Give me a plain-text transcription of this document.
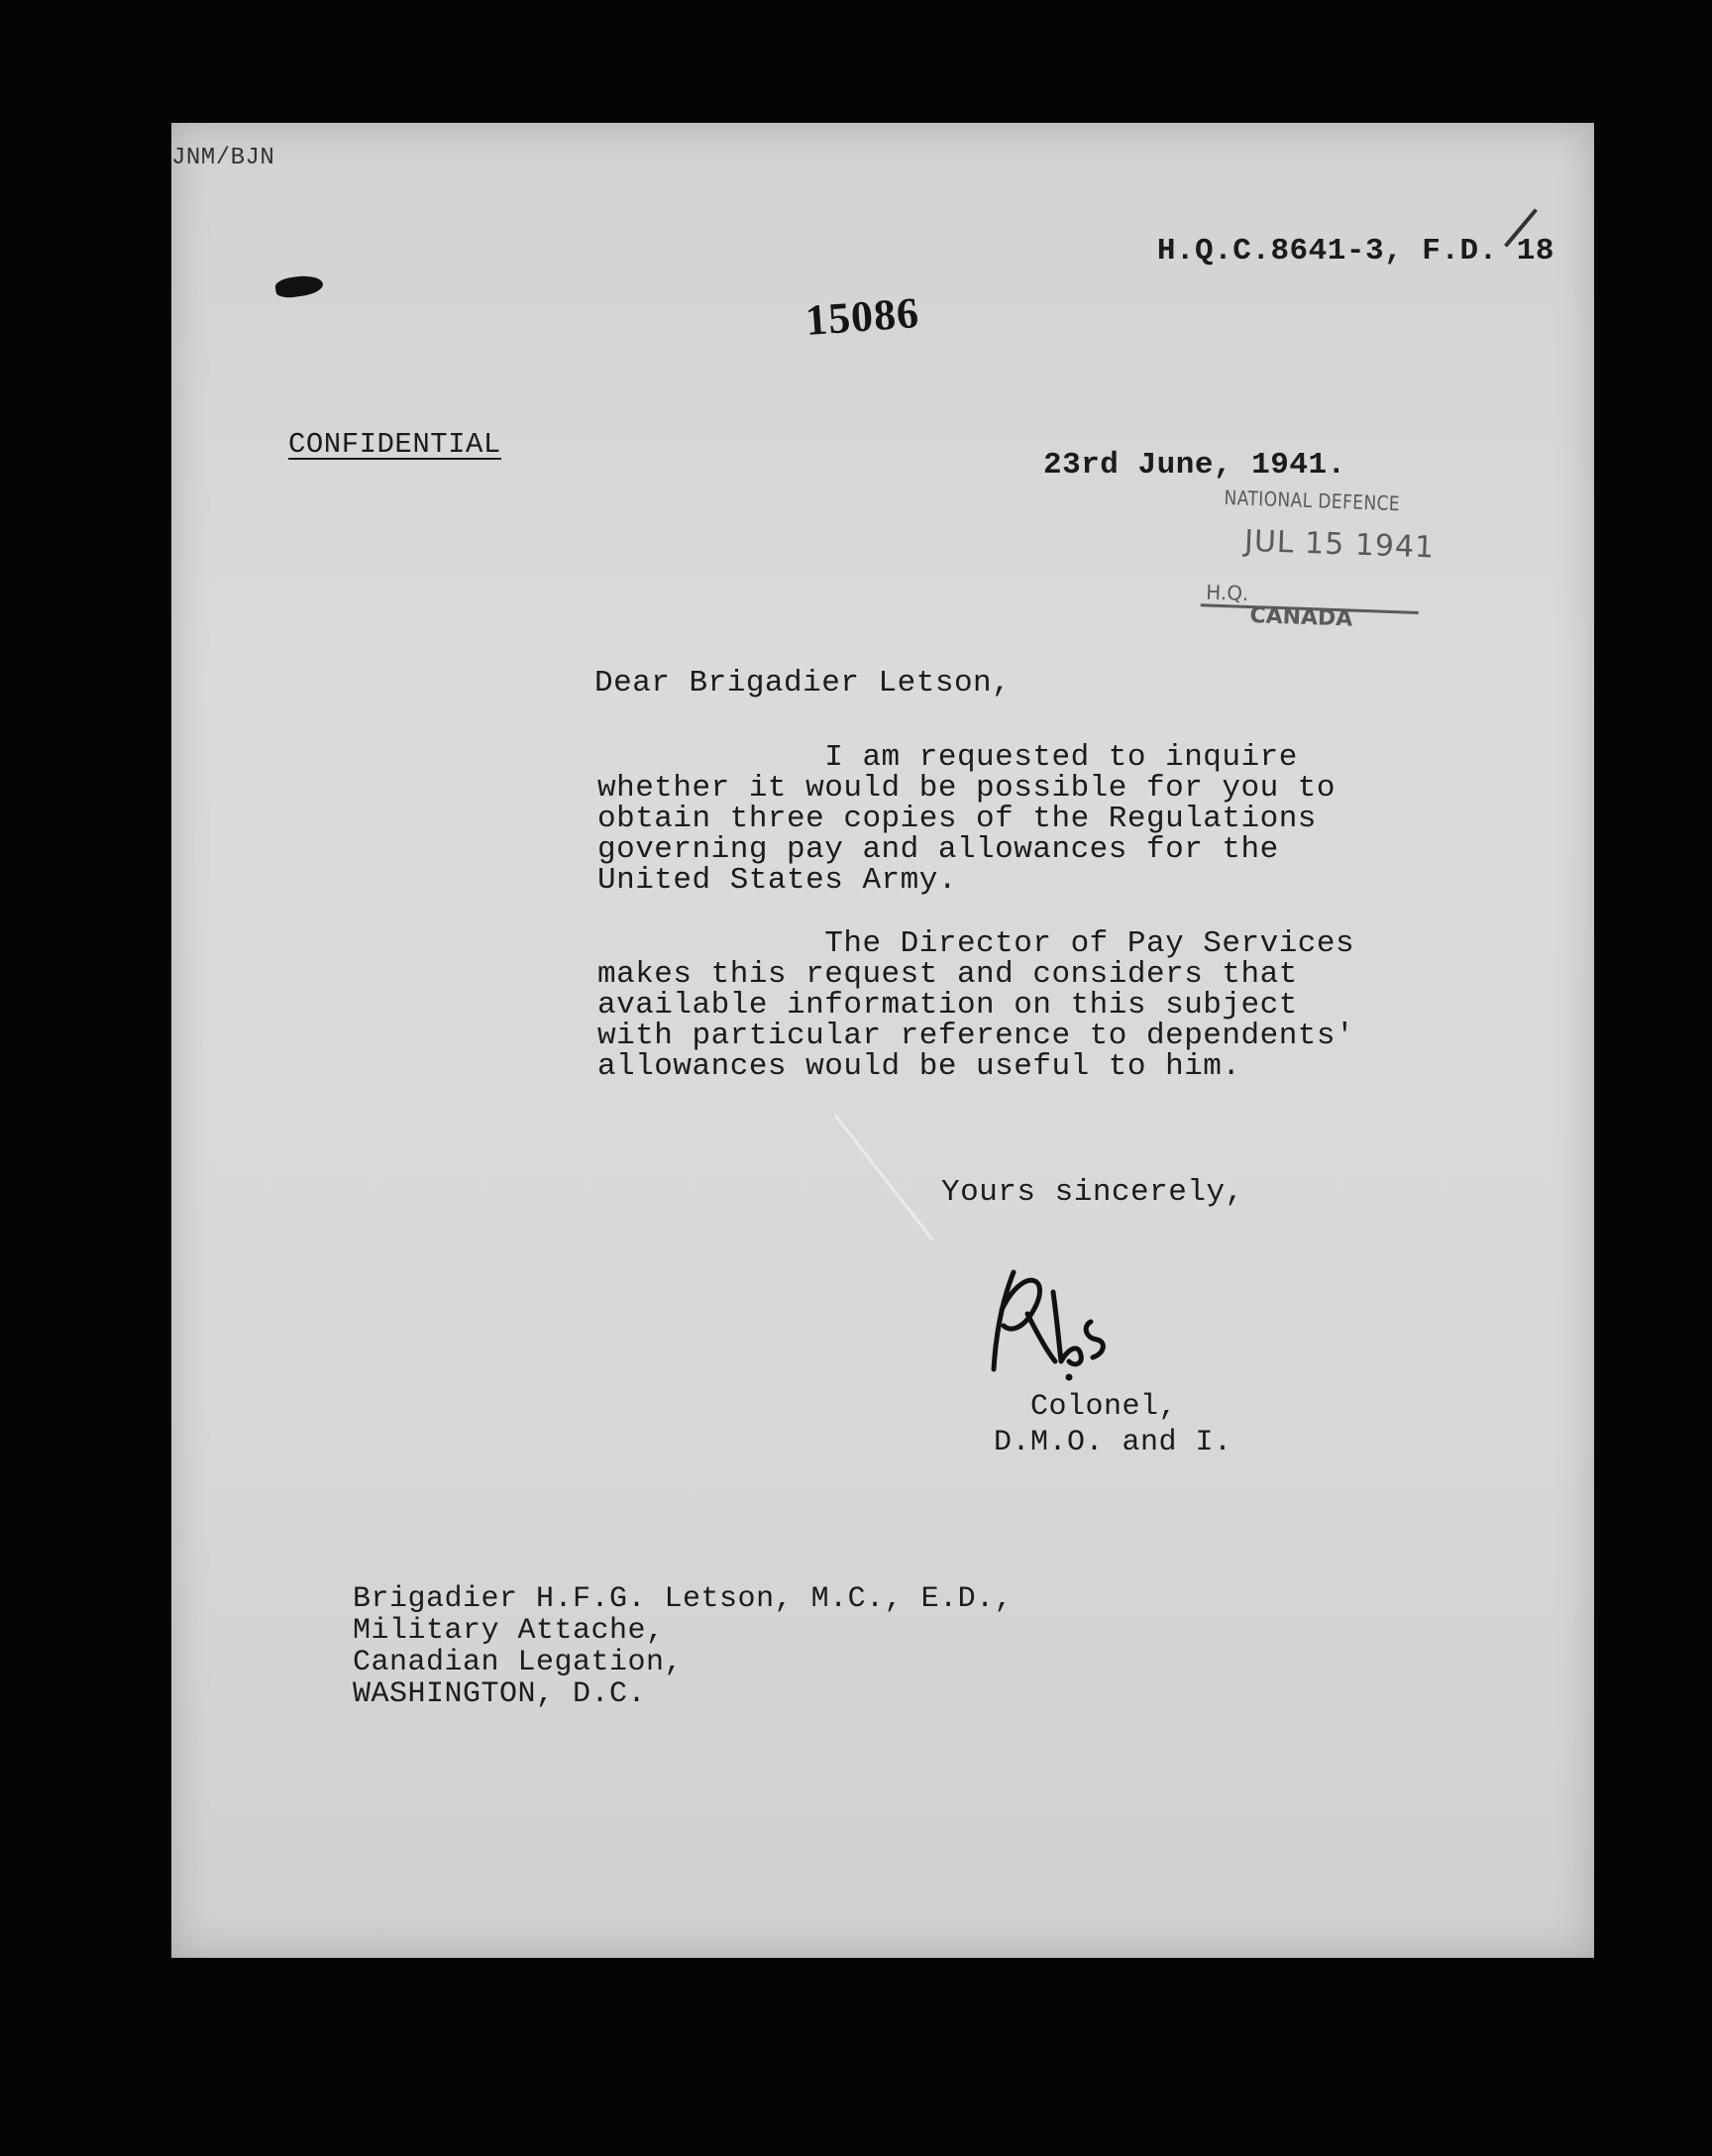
JNM/BJN
H.Q.C.8641-3, F.D. 18
15086
CONFIDENTIAL
23rd June, 1941.
NATIONAL DEFENCE
JUL 15 1941
H.Q.
CANADA
Dear Brigadier Letson,
I am requested to inquire
whether it would be possible for you to
obtain three copies of the Regulations
governing pay and allowances for the
United States Army.
The Director of Pay Services
makes this request and considers that
available information on this subject
with particular reference to dependents'
allowances would be useful to him.
Yours sincerely,
Colonel,
D.M.O. and I.
Brigadier H.F.G. Letson, M.C., E.D.,
Military Attache,
Canadian Legation,
WASHINGTON, D.C.
